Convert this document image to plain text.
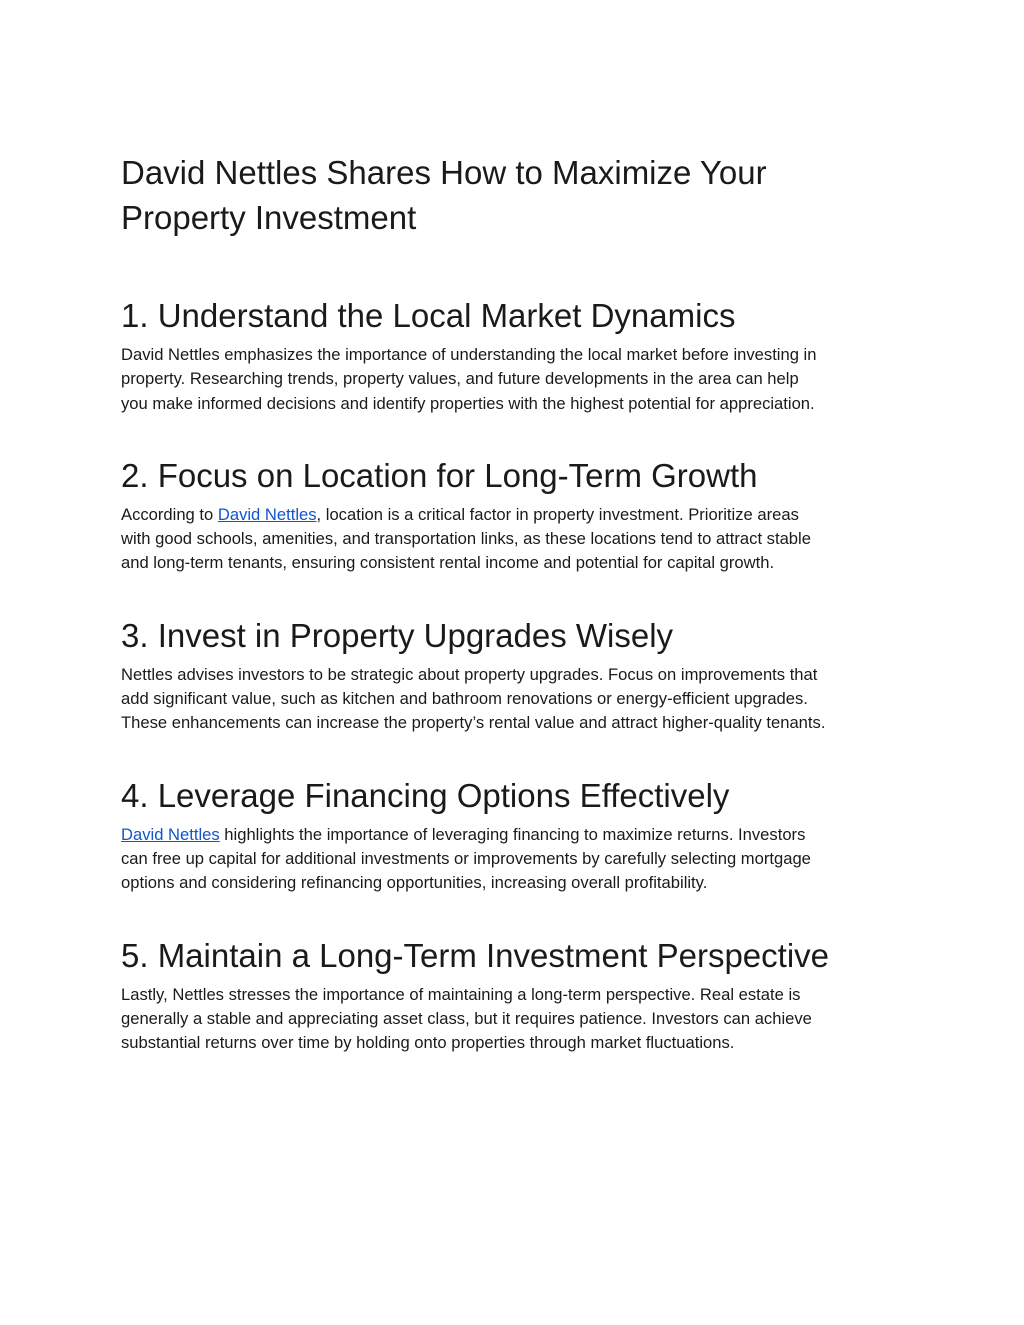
David Nettles Shares How to Maximize Your
Property Investment
1. Understand the Local Market Dynamics

David Nettles emphasizes the importance of understanding the local market before investing in
property. Researching trends, property values, and future developments in the area can help
you make informed decisions and identify properties with the highest potential for appreciation.

2. Focus on Location for Long-Term Growth

According to David Nettles, location is a critical factor in property investment. Prioritize areas
with good schools, amenities, and transportation links, as these locations tend to attract stable
and long-term tenants, ensuring consistent rental income and potential for capital growth.

3. Invest in Property Upgrades Wisely

Nettles advises investors to be strategic about property upgrades. Focus on improvements that
add significant value, such as kitchen and bathroom renovations or energy-efficient upgrades.
These enhancements can increase the property’s rental value and attract higher-quality tenants.

4. Leverage Financing Options Effectively

David Nettles highlights the importance of leveraging financing to maximize returns. Investors
can free up capital for additional investments or improvements by carefully selecting mortgage
options and considering refinancing opportunities, increasing overall profitability.

5. Maintain a Long-Term Investment Perspective

Lastly, Nettles stresses the importance of maintaining a long-term perspective. Real estate is
generally a stable and appreciating asset class, but it requires patience. Investors can achieve
substantial returns over time by holding onto properties through market fluctuations.
